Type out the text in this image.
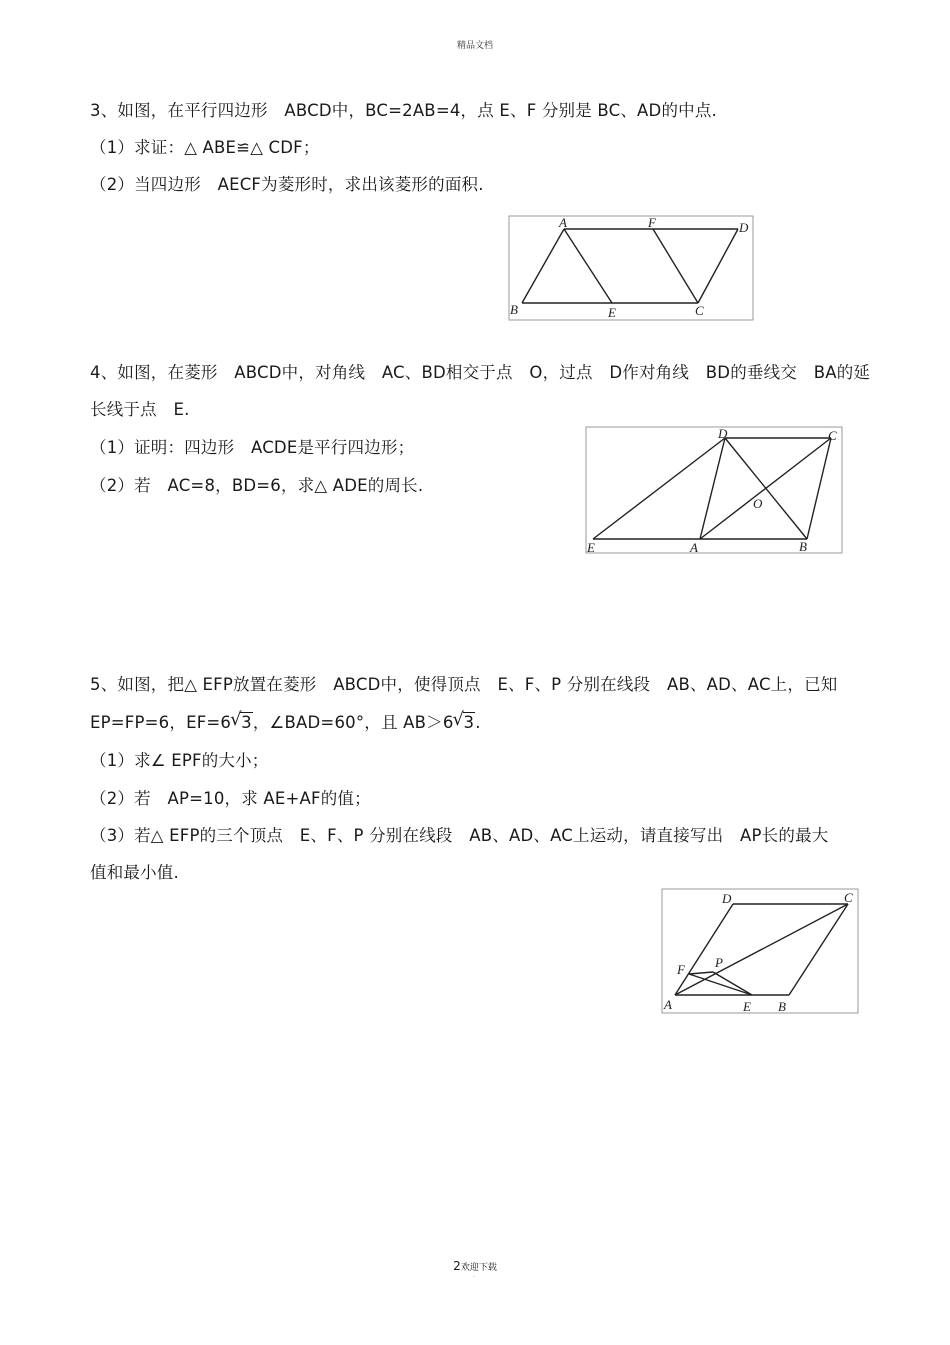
精品文档
3、如图，在平行四边形　ABCD中，BC=2AB=4，点 E、F 分别是 BC、AD的中点.
（1）求证：△ ABE≌△ CDF；
（2）当四边形　AECF为菱形时，求出该菱形的面积.
A	F	D
B	E	C
4、如图，在菱形　ABCD中，对角线　AC、BD相交于点　O，过点　D作对角线　BD的垂线交　BA的延
长线于点　E.
（1）证明：四边形　ACDE是平行四边形；
（2）若　AC=8，BD=6，求△ ADE的周长.
D	C
O
E	A	B
5、如图，把△ EFP放置在菱形　ABCD中，使得顶点　E、F、P 分别在线段　AB、AD、AC上，已知
EP=FP=6，EF=6 √ 3，∠BAD=60°，且 AB＞6 √ 3.
（1）求∠ EPF的大小；
（2）若　AP=10，求 AE+AF的值；
（3）若△ EFP的三个顶点　E、F、P 分别在线段　AB、AD、AC上运动，请直接写出　AP长的最大
值和最小值.
D	C
P
F
A	E B
2欢迎下载
.
